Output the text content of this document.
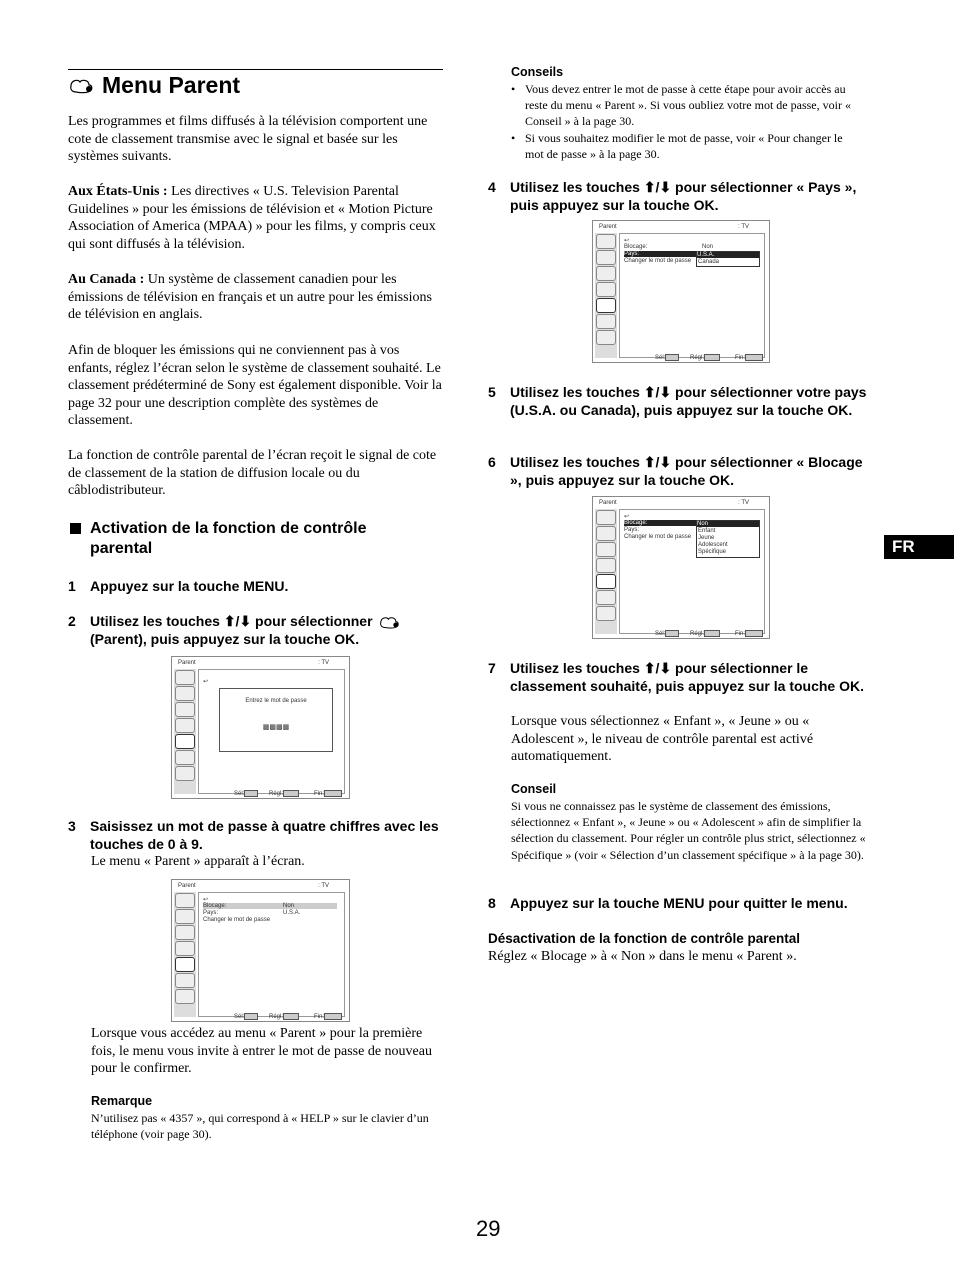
Menu Parent
Les programmes et films diffusés à la télévision comportent une cote de classement transmise avec le signal et basée sur les systèmes suivants.
Aux États-Unis : Les directives « U.S. Television Parental Guidelines » pour les émissions de télévision et « Motion Picture Association of America (MPAA) » pour les films, y compris ceux qui sont diffusés à la télévision.
Au Canada : Un système de classement canadien pour les émissions de télévision en français et un autre pour les émissions de télévision en anglais.
Afin de bloquer les émissions qui ne conviennent pas à vos enfants, réglez l’écran selon le système de classement souhaité. Le classement prédéterminé de Sony est également disponible. Voir la page 32 pour une description complète des systèmes de classement.
La fonction de contrôle parental de l’écran reçoit le signal de cote de classement de la station de diffusion locale ou du câblodistributeur.
Activation de la fonction de contrôle parental
1 Appuyez sur la touche MENU.
2 Utilisez les touches ⬆/⬇ pour sélectionner
(Parent), puis appuyez sur la touche OK.
Parent	: TV
↩
Entrez le mot de passe
▩▩▩▩
Sél:	Régl:	Fin:
3 Saisissez un mot de passe à quatre chiffres avec les touches de 0 à 9.
Le menu « Parent » apparaît à l’écran.
Parent	: TV
↩
Blocage:	Non
Pays:	U.S.A.
Changer le mot de passe
Sél:	Régl:	Fin:
Lorsque vous accédez au menu « Parent » pour la première fois, le menu vous invite à entrer le mot de passe de nouveau pour le confirmer.
Remarque
N’utilisez pas « 4357 », qui correspond à « HELP » sur le clavier d’un téléphone (voir page 30).
Conseils
• Vous devez entrer le mot de passe à cette étape pour avoir accès au reste du menu « Parent ». Si vous oubliez votre mot de passe, voir « Conseil » à la page 30.
• Si vous souhaitez modifier le mot de passe, voir « Pour changer le mot de passe » à la page 30.
4 Utilisez les touches ⬆/⬇ pour sélectionner « Pays », puis appuyez sur la touche OK.
Parent	: TV
↩
Blocage:	Non
Pays:
Changer le mot de passe
U.S.A.
Canada
Sél:	Régl:	Fin:
5 Utilisez les touches ⬆/⬇ pour sélectionner votre pays (U.S.A. ou Canada), puis appuyez sur la touche OK.
6 Utilisez les touches ⬆/⬇ pour sélectionner « Blocage », puis appuyez sur la touche OK.
Parent	: TV
↩
Blocage:
Pays:
Changer le mot de passe
Non
Enfant
Jeune
Adolescent
Spécifique
Sél:	Régl:	Fin:
7 Utilisez les touches ⬆/⬇ pour sélectionner le classement souhaité, puis appuyez sur la touche OK.
Lorsque vous sélectionnez « Enfant », « Jeune » ou « Adolescent », le niveau de contrôle parental est activé automatiquement.
Conseil
Si vous ne connaissez pas le système de classement des émissions, sélectionnez « Enfant », « Jeune » ou « Adolescent » afin de simplifier la sélection du classement. Pour régler un contrôle plus strict, sélectionnez « Spécifique » (voir « Sélection d’un classement spécifique » à la page 30).
8 Appuyez sur la touche MENU pour quitter le menu.
Désactivation de la fonction de contrôle parental
Réglez « Blocage » à « Non » dans le menu « Parent ».
FR
29
